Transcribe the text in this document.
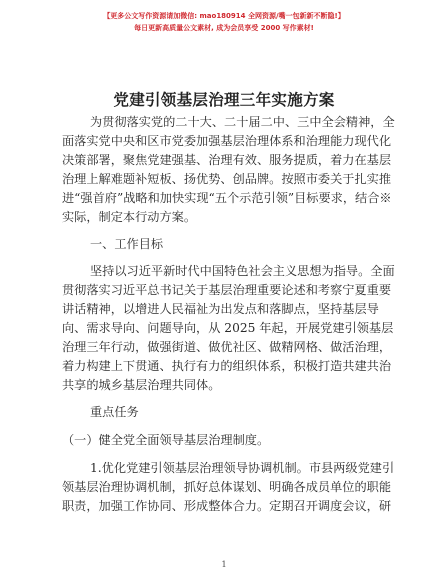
【更多公文写作资源请加微信: mao180914 全网资源/嘴一包新新不断隐!】
每日更新高质量公文素材, 成为会员享受 2000 写作素材!
党建引领基层治理三年实施方案
为贯彻落实党的二十大、二十届二中、三中全会精神，全
面落实党中央和区市党委加强基层治理体系和治理能力现代化
决策部署，聚焦党建强基、治理有效、服务提质，着力在基层
治理上解难题补短板、扬优势、创品牌。按照市委关于扎实推
进“强首府”战略和加快实现“五个示范引领”目标要求，结合※
实际，制定本行动方案。
一、工作目标
坚持以习近平新时代中国特色社会主义思想为指导。全面
贯彻落实习近平总书记关于基层治理重要论述和考察宁夏重要
讲话精神，以增进人民福祉为出发点和落脚点，坚持基层导
向、需求导向、问题导向，从 2025 年起，开展党建引领基层
治理三年行动，做强街道、做优社区、做精网格、做活治理，
着力构建上下贯通、执行有力的组织体系，积极打造共建共治
共享的城乡基层治理共同体。
重点任务
（一）健全党全面领导基层治理制度。
1.优化党建引领基层治理领导协调机制。市县两级党建引
领基层治理协调机制，抓好总体谋划、明确各成员单位的职能
职责，加强工作协同、形成整体合力。定期召开调度会议，研
1
